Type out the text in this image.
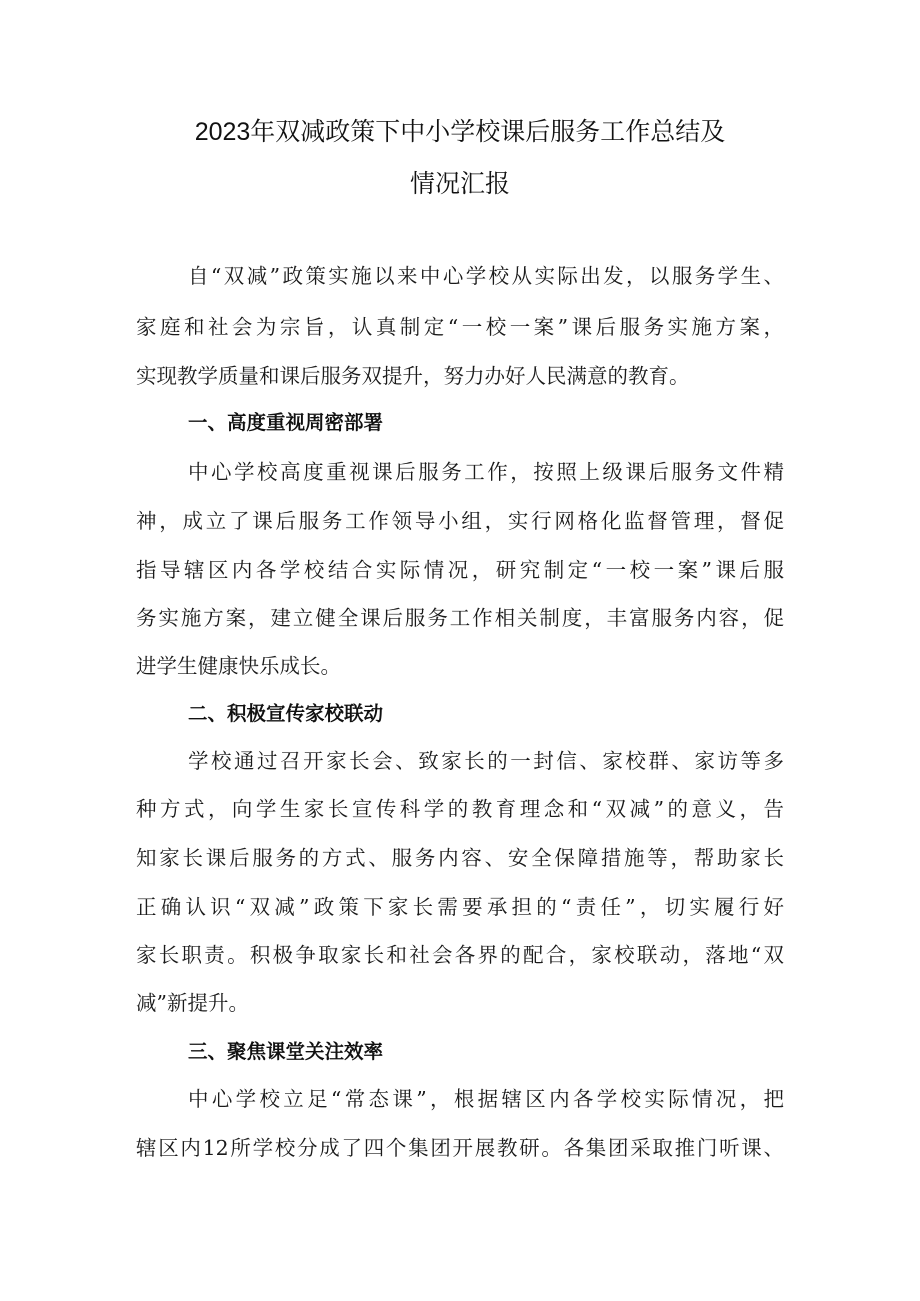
2023年双减政策下中小学校课后服务工作总结及
情况汇报
自“双减”政策实施以来中心学校从实际出发，以服务学生、
家庭和社会为宗旨，认真制定“一校一案”课后服务实施方案，
实现教学质量和课后服务双提升，努力办好人民满意的教育。
一、高度重视周密部署
中心学校高度重视课后服务工作，按照上级课后服务文件精
神，成立了课后服务工作领导小组，实行网格化监督管理，督促
指导辖区内各学校结合实际情况，研究制定“一校一案”课后服
务实施方案，建立健全课后服务工作相关制度，丰富服务内容，促
进学生健康快乐成长。
二、积极宣传家校联动
学校通过召开家长会、致家长的一封信、家校群、家访等多
种方式，向学生家长宣传科学的教育理念和“双减”的意义，告
知家长课后服务的方式、服务内容、安全保障措施等，帮助家长
正确认识“双减”政策下家长需要承担的“责任”，切实履行好
家长职责。积极争取家长和社会各界的配合，家校联动，落地“双
减”新提升。
三、聚焦课堂关注效率
中心学校立足“常态课”，根据辖区内各学校实际情况，把
辖区内12所学校分成了四个集团开展教研。各集团采取推门听课、
